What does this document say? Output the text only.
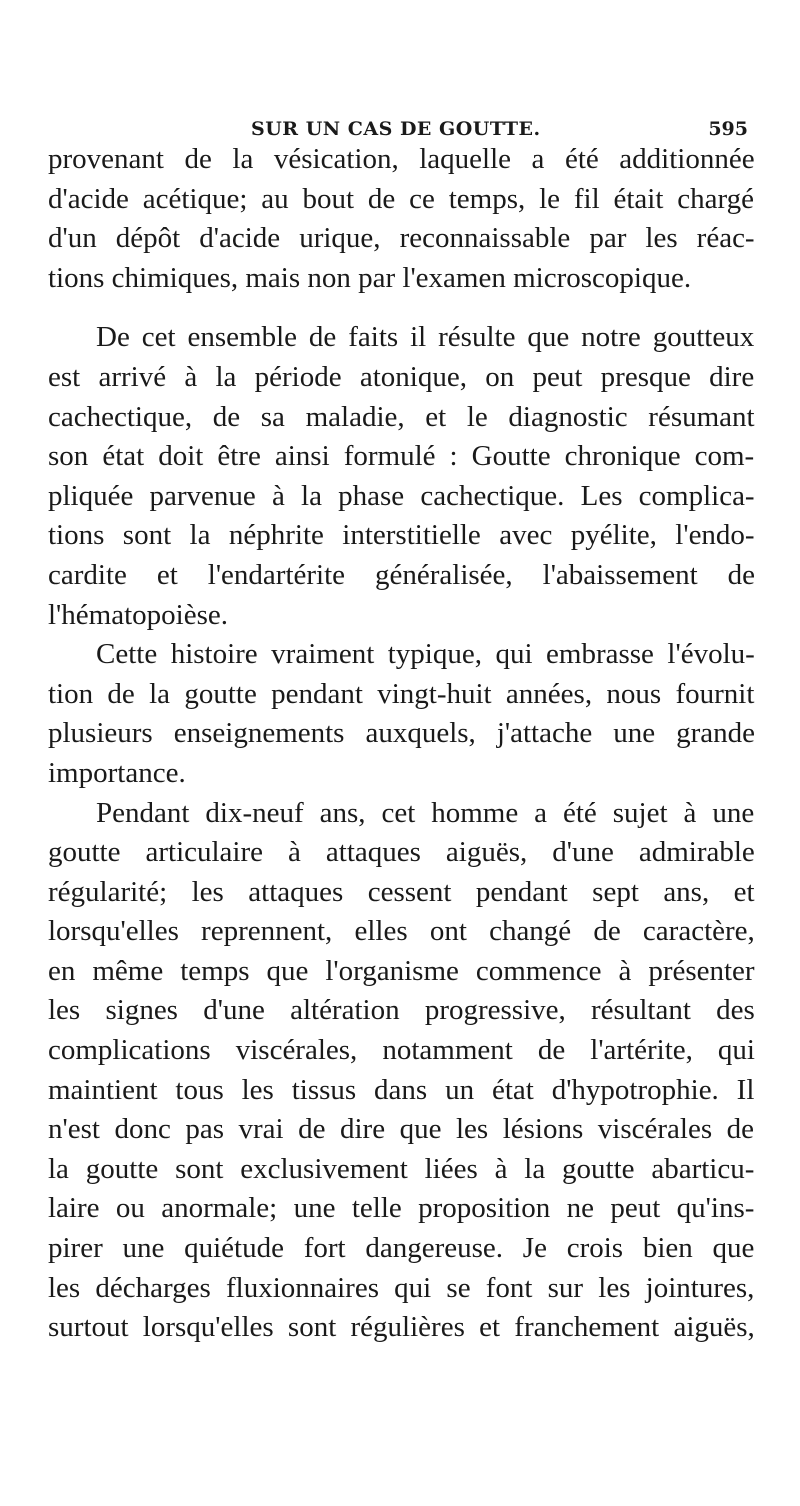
SUR UN CAS DE GOUTTE.	595
provenant de la vésication, laquelle a été additionnée
d'acide acétique; au bout de ce temps, le fil était chargé
d'un dépôt d'acide urique, reconnaissable par les réac-
tions chimiques, mais non par l'examen microscopique.
De cet ensemble de faits il résulte que notre goutteux
est arrivé à la période atonique, on peut presque dire
cachectique, de sa maladie, et le diagnostic résumant
son état doit être ainsi formulé : Goutte chronique com-
pliquée parvenue à la phase cachectique. Les complica-
tions sont la néphrite interstitielle avec pyélite, l'endo-
cardite et l'endartérite généralisée, l'abaissement de
l'hématopoièse.
Cette histoire vraiment typique, qui embrasse l'évolu-
tion de la goutte pendant vingt-huit années, nous fournit
plusieurs enseignements auxquels, j'attache une grande
importance.
Pendant dix-neuf ans, cet homme a été sujet à une
goutte articulaire à attaques aiguës, d'une admirable
régularité; les attaques cessent pendant sept ans, et
lorsqu'elles reprennent, elles ont changé de caractère,
en même temps que l'organisme commence à présenter
les signes d'une altération progressive, résultant des
complications viscérales, notamment de l'artérite, qui
maintient tous les tissus dans un état d'hypotrophie. Il
n'est donc pas vrai de dire que les lésions viscérales de
la goutte sont exclusivement liées à la goutte abarticu-
laire ou anormale; une telle proposition ne peut qu'ins-
pirer une quiétude fort dangereuse. Je crois bien que
les décharges fluxionnaires qui se font sur les jointures,
surtout lorsqu'elles sont régulières et franchement aiguës,
